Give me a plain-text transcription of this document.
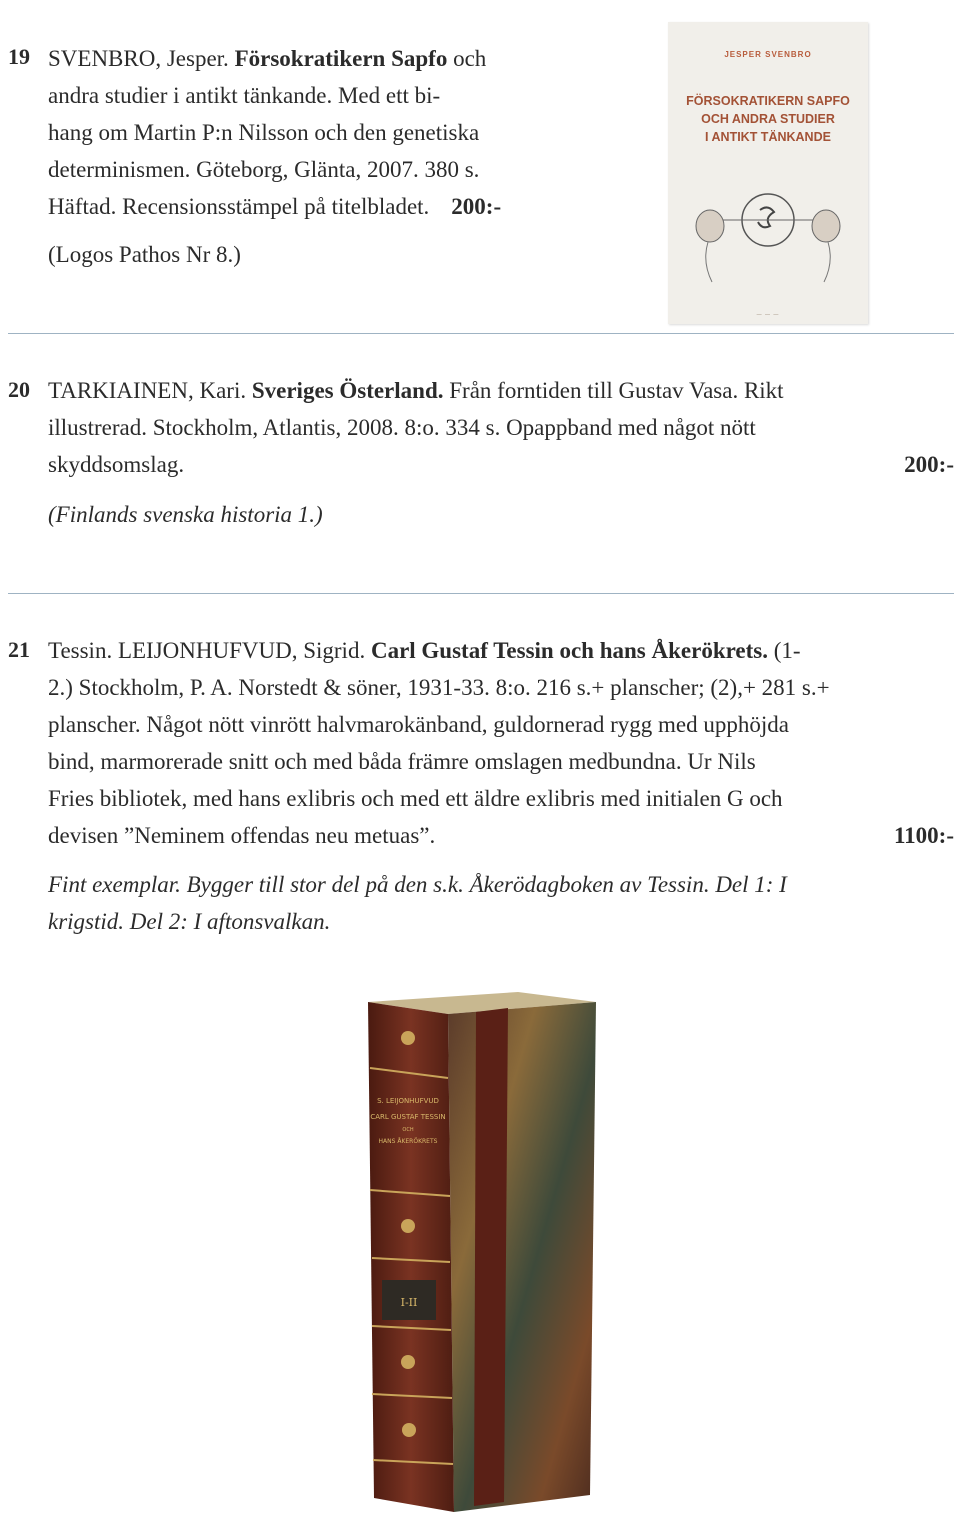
19 SVENBRO, Jesper. Försokratikern Sapfo och
andra studier i antikt tänkande. Med ett bi-
hang om Martin P:n Nilsson och den genetiska
determinismen. Göteborg, Glänta, 2007. 380 s.
Häftad. Recensionsstämpel på titelbladet. 200:-
(Logos Pathos Nr 8.)
JESPER SVENBRO
FÖRSOKRATIKERN SAPFO
OCH ANDRA STUDIER
I ANTIKT TÄNKANDE
— — —
20 TARKIAINEN, Kari. Sveriges Österland. Från forntiden till Gustav Vasa. Rikt
illustrerad. Stockholm, Atlantis, 2008. 8:o. 334 s. Opappband med något nött
skyddsomslag.	200:-
(Finlands svenska historia 1.)
21 Tessin. LEIJONHUFVUD, Sigrid. Carl Gustaf Tessin och hans Åkerökrets. (1-
2.) Stockholm, P. A. Norstedt & söner, 1931-33. 8:o. 216 s.+ planscher; (2),+ 281 s.+
planscher. Något nött vinrött halvmarokänband, guldornerad rygg med upphöjda
bind, marmorerade snitt och med båda främre omslagen medbundna. Ur Nils
Fries bibliotek, med hans exlibris och med ett äldre exlibris med initialen G och
devisen ”Neminem offendas neu metuas”.	1100:-
Fint exemplar. Bygger till stor del på den s.k. Åkerödagboken av Tessin. Del 1: I
krigstid. Del 2: I aftonsvalkan.
S. LEIJONHUFVUD
CARL GUSTAF TESSIN
OCH
HANS ÅKERÖKRETS
I-II
